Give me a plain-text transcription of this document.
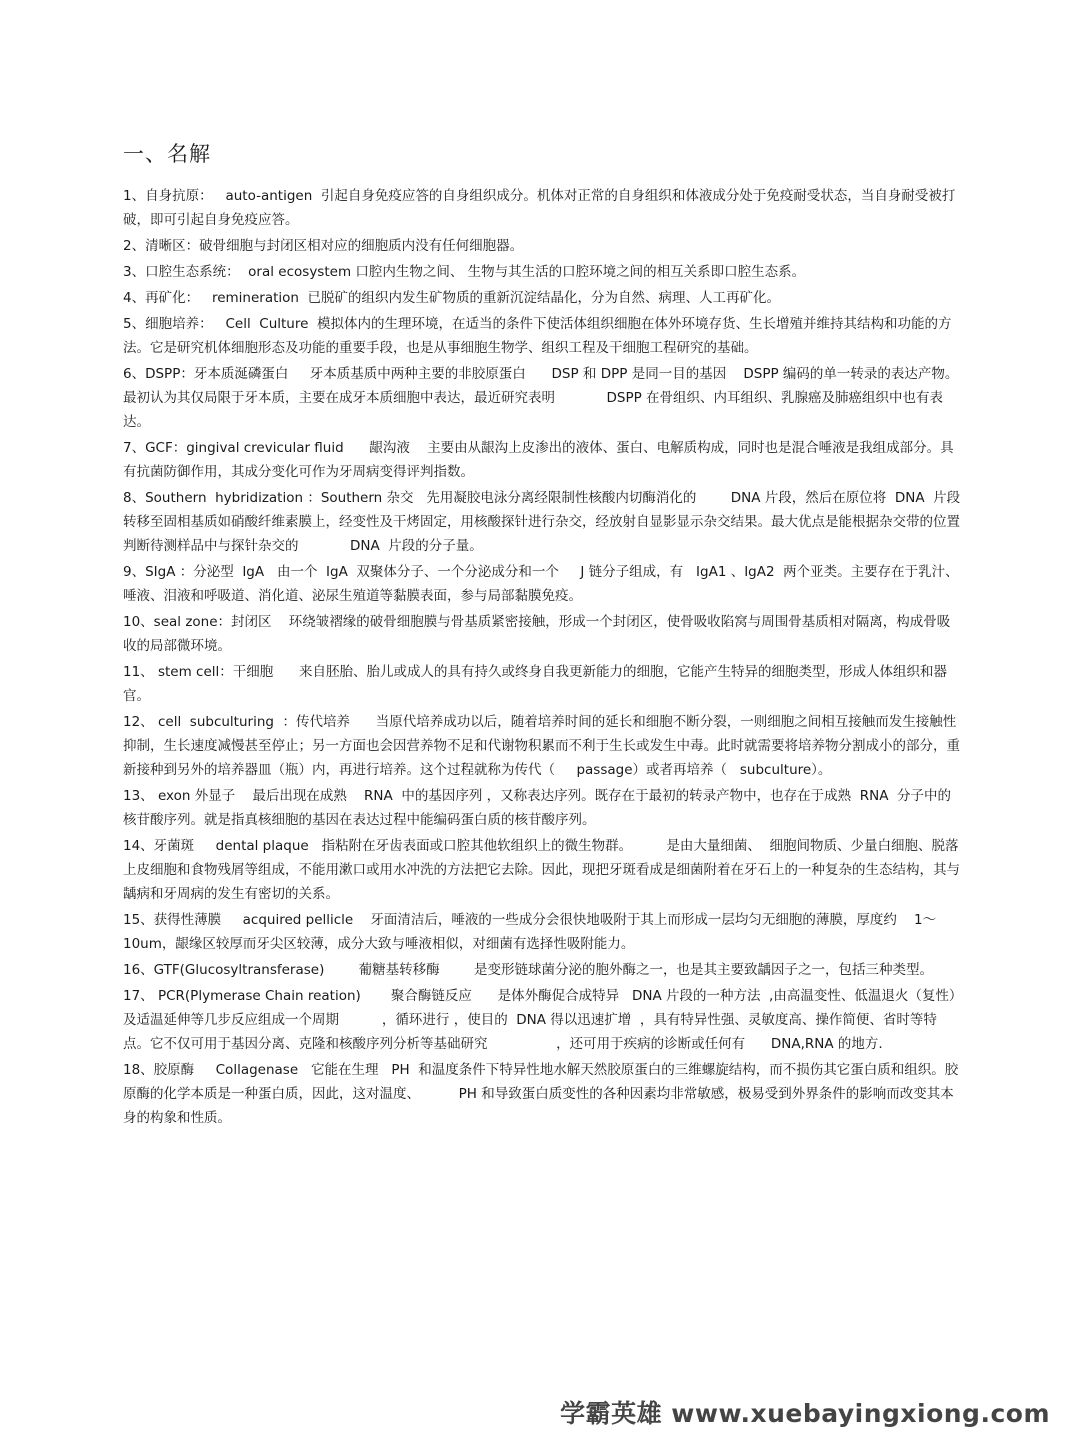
一、名解

1、自身抗原：   auto-antigen  引起自身免疫应答的自身组织成分。机体对正常的自身组织和体液成分处于免疫耐受状态，当自身耐受被打破，即可引起自身免疫应答。

2、清晰区：破骨细胞与封闭区相对应的细胞质内没有任何细胞器。

3、口腔生态系统：  oral ecosystem 口腔内生物之间、 生物与其生活的口腔环境之间的相互关系即口腔生态系。

4、再矿化：   remineration  已脱矿的组织内发生矿物质的重新沉淀结晶化，分为自然、病理、人工再矿化。

5、细胞培养：   Cell  Culture  模拟体内的生理环境，在适当的条件下使活体组织细胞在体外环境存货、生长增殖并维持其结构和功能的方法。它是研究机体细胞形态及功能的重要手段，也是从事细胞生物学、组织工程及干细胞工程研究的基础。

6、DSPP：牙本质涎磷蛋白     牙本质基质中两种主要的非胶原蛋白      DSP 和 DPP 是同一目的基因    DSPP 编码的单一转录的表达产物。最初认为其仅局限于牙本质，主要在成牙本质细胞中表达，最近研究表明            DSPP 在骨组织、内耳组织、乳腺癌及肺癌组织中也有表达。

7、GCF：gingival crevicular fluid      龈沟液    主要由从龈沟上皮渗出的液体、蛋白、电解质构成，同时也是混合唾液是我组成部分。具有抗菌防御作用，其成分变化可作为牙周病变得评判指数。

8、Southern  hybridization ：Southern 杂交   先用凝胶电泳分离经限制性核酸内切酶消化的        DNA 片段，然后在原位将  DNA  片段转移至固相基质如硝酸纤维素膜上，经变性及干烤固定，用核酸探针进行杂交，经放射自显影显示杂交结果。最大优点是能根据杂交带的位置判断待测样品中与探针杂交的            DNA  片段的分子量。

9、SIgA ：分泌型  IgA   由一个  IgA  双聚体分子、一个分泌成分和一个     J 链分子组成，有   IgA1 、IgA2  两个亚类。主要存在于乳汁、唾液、泪液和呼吸道、消化道、泌尿生殖道等黏膜表面，参与局部黏膜免疫。

10、seal zone：封闭区    环绕皱褶缘的破骨细胞膜与骨基质紧密接触，形成一个封闭区，使骨吸收陷窝与周围骨基质相对隔离，构成骨吸收的局部微环境。

11、 stem cell：干细胞      来自胚胎、胎儿或成人的具有持久或终身自我更新能力的细胞，它能产生特异的细胞类型，形成人体组织和器官。

12、 cell  subculturing  ：传代培养      当原代培养成功以后，随着培养时间的延长和细胞不断分裂，一则细胞之间相互接触而发生接触性抑制，生长速度减慢甚至停止；另一方面也会因营养物不足和代谢物积累而不利于生长或发生中毒。此时就需要将培养物分割成小的部分，重新接种到另外的培养器皿（瓶）内，再进行培养。这个过程就称为传代（     passage）或者再培养（   subculture）。

13、 exon 外显子    最后出现在成熟    RNA  中的基因序列 ，又称表达序列。既存在于最初的转录产物中，也存在于成熟  RNA  分子中的核苷酸序列。就是指真核细胞的基因在表达过程中能编码蛋白质的核苷酸序列。

14、牙菌斑     dental plaque   指粘附在牙齿表面或口腔其他软组织上的微生物群。        是由大量细菌、  细胞间物质、少量白细胞、脱落上皮细胞和食物残屑等组成，不能用漱口或用水冲洗的方法把它去除。因此，现把牙斑看成是细菌附着在牙石上的一种复杂的生态结构，其与龋病和牙周病的发生有密切的关系。

15、获得性薄膜     acquired pellicle    牙面清洁后，唾液的一些成分会很快地吸附于其上而形成一层均匀无细胞的薄膜，厚度约    1～10um，龈缘区较厚而牙尖区较薄，成分大致与唾液相似，对细菌有选择性吸附能力。

16、GTF(Glucosyltransferase)        葡糖基转移酶        是变形链球菌分泌的胞外酶之一，也是其主要致龋因子之一，包括三种类型。

17、 PCR(Plymerase Chain reation)       聚合酶链反应      是体外酶促合成特异   DNA 片段的一种方法  ,由高温变性、低温退火（复性）及适温延伸等几步反应组成一个周期          ，循环进行 ，使目的  DNA 得以迅速扩增  ，具有特异性强、灵敏度高、操作简便、省时等特点。它不仅可用于基因分离、克隆和核酸序列分析等基础研究                ，还可用于疾病的诊断或任何有      DNA,RNA 的地方.

18、胶原酶     Collagenase   它能在生理   PH  和温度条件下特异性地水解天然胶原蛋白的三维螺旋结构，而不损伤其它蛋白质和组织。胶原酶的化学本质是一种蛋白质，因此，这对温度、         PH 和导致蛋白质变性的各种因素均非常敏感，极易受到外界条件的影响而改变其本身的构象和性质。

学霸英雄 www.xuebayingxiong.com
